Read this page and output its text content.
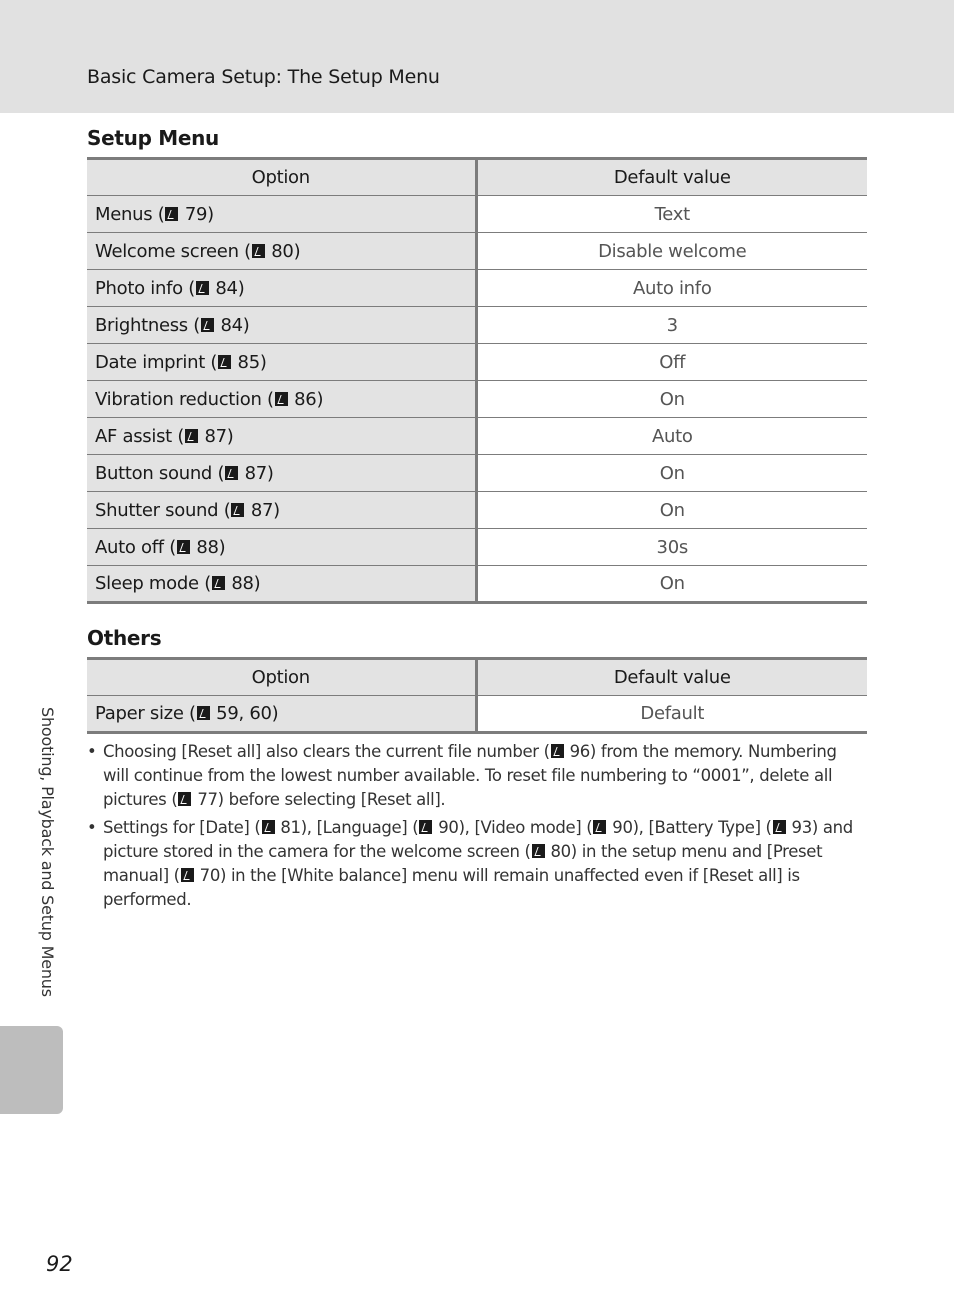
Basic Camera Setup: The Setup Menu
Setup Menu
Option	Default value
Menus ( 79)	Text
Welcome screen ( 80)	Disable welcome
Photo info ( 84)	Auto info
Brightness ( 84)	3
Date imprint ( 85)	Off
Vibration reduction ( 86)	On
AF assist ( 87)	Auto
Button sound ( 87)	On
Shutter sound ( 87)	On
Auto off ( 88)	30s
Sleep mode ( 88)	On
Others
Option	Default value
Paper size ( 59, 60)	Default
• Choosing [Reset all] also clears the current file number ( 96) from the memory. Numbering will continue from the lowest number available. To reset file numbering to “0001”, delete all pictures ( 77) before selecting [Reset all].
• Settings for [Date] ( 81), [Language] ( 90), [Video mode] ( 90), [Battery Type] ( 93) and picture stored in the camera for the welcome screen ( 80) in the setup menu and [Preset manual] ( 70) in the [White balance] menu will remain unaffected even if [Reset all] is performed.
Shooting, Playback and Setup Menus
92
